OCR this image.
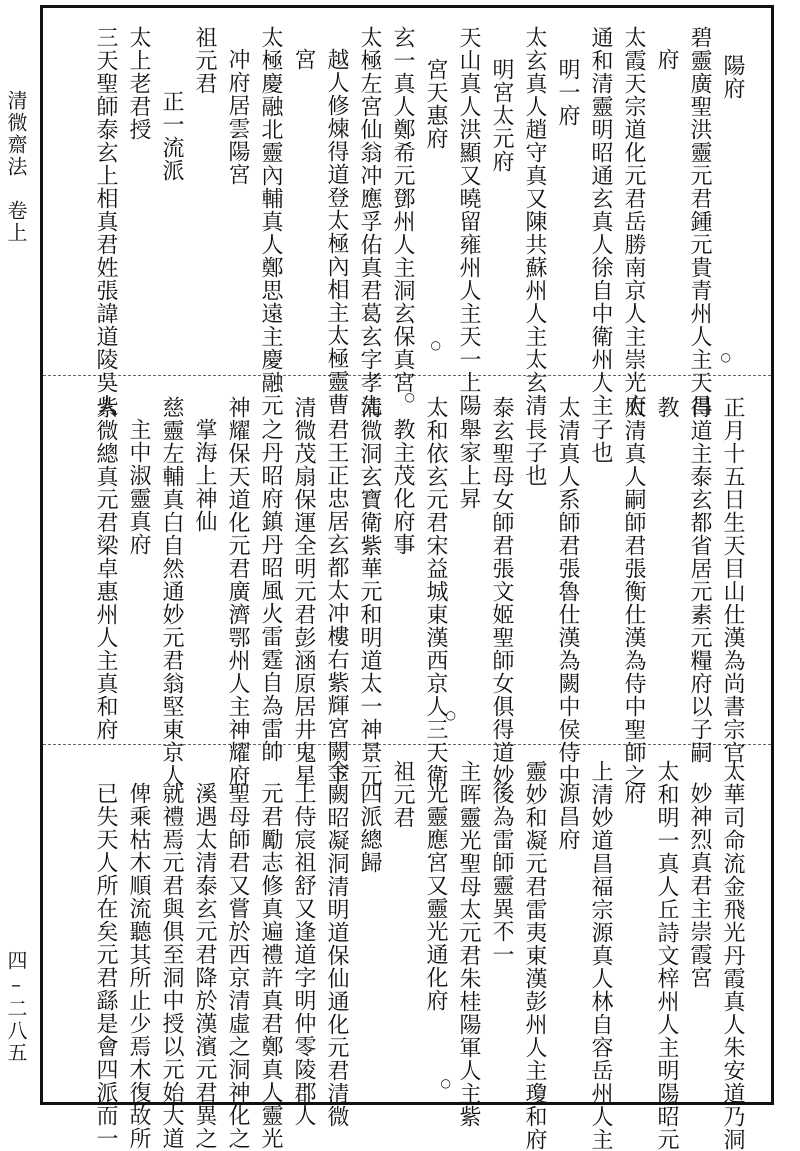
清微齋法　卷上
四–二八五
陽府
碧靈廣聖洪靈元君鍾元貴青州人主天昌
府
太霞天宗道化元君岳勝南京人主崇光府
通和清靈明昭通玄真人徐自中衛州人主
明一府
太玄真人趙守真又陳共蘇州人主太玄清
明宮太元府
天山真人洪顯又曉留雍州人主天一上陽
宮天惠府
玄一真人鄭希元鄧州人主洞玄保真宮
太極左宮仙翁冲應孚佑真君葛玄字孝先
越人修煉得道登太極內相主太極靈曹
宮
太極慶融北靈內輔真人鄭思遠主慶融元
冲府居雲陽宮
祖元君
正一流派
太上老君授
三天聖師泰玄上相真君姓張諱道陵吳人	○
○
正月十五日生天目山仕漢為尚書宗官
得道主泰玄都省居元素元糧府以子嗣
教
太清真人嗣師君張衡仕漢為侍中聖師之
子也
太清真人系師君張魯仕漢為闕中侯侍中
長子也
泰玄聖母女師君張文姬聖師女俱得道妙
舉家上昇
太和依玄元君宋益城東漢西京人三天衛
教主茂化府事
清微洞玄寶衛紫華元和明道太一神景元
君王正忠居玄都太冲樓右紫輝宮闕下
清微茂扇保運全明元君彭涵原居井鬼星
之丹昭府鎮丹昭風火雷霆自為雷帥
神耀保天道化元君廣濟鄂州人主神耀府
掌海上神仙
慈靈左輔真白自然通妙元君翁堅東京人
主中淑靈真府
紫微總真元君梁卓惠州人主真和府	○
○
太華司命流金飛光丹霞真人朱安道乃洞
妙神烈真君主崇霞宮
太和明一真人丘詩文梓州人主明陽昭元
府
上清妙道昌福宗源真人林自容岳州人主
源昌府
靈妙和凝元君雷夷東漢彭州人主瓊和府
後為雷師靈異不一
主晖靈光聖母太元君朱桂陽軍人主紫
光靈應宮又靈光通化府
祖元君
四派總歸
金闕昭凝洞清明道保仙通化元君清微
上侍宸祖舒又逢道字明仲零陵郡人
元君勵志修真遍禮許真君鄭真人靈光
聖母師君又嘗於西京清虛之洞神化之
溪遇太清泰玄元君降於漢濱元君異之
就禮焉元君與俱至洞中授以元始大道
俾乘枯木順流聽其所止少焉木復故所
已失天人所在矣元君繇是會四派而一	○
